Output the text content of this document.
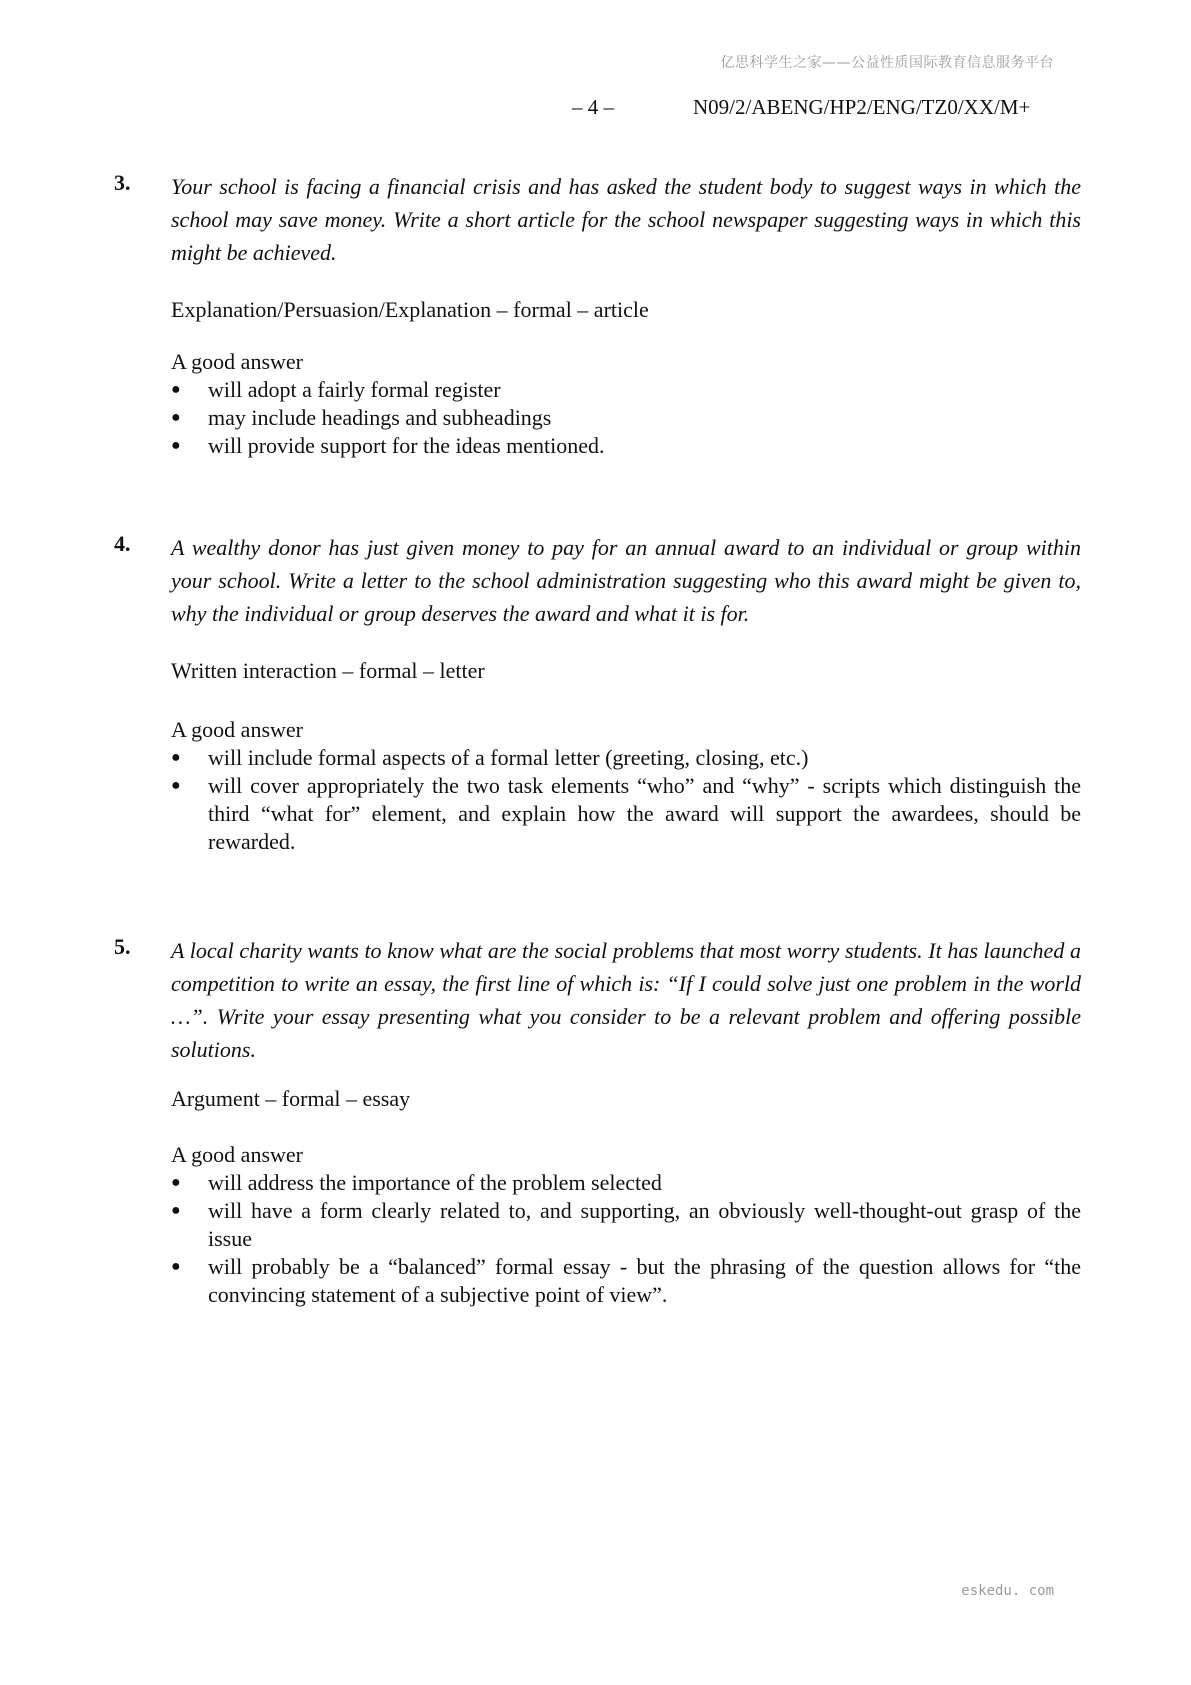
亿思科学生之家——公益性质国际教育信息服务平台
– 4 –	N09/2/ABENG/HP2/ENG/TZ0/XX/M+
3. Your school is facing a financial crisis and has asked the student body to suggest ways in which the school may save money. Write a short article for the school newspaper suggesting ways in which this might be achieved.

Explanation/Persuasion/Explanation – formal – article

A good answer

● will adopt a fairly formal register
● may include headings and subheadings
● will provide support for the ideas mentioned.
4. A wealthy donor has just given money to pay for an annual award to an individual or group within your school. Write a letter to the school administration suggesting who this award might be given to, why the individual or group deserves the award and what it is for.

Written interaction – formal – letter

A good answer

● will include formal aspects of a formal letter (greeting, closing, etc.)
● will cover appropriately the two task elements “who” and “why” - scripts which distinguish the third “what for” element, and explain how the award will support the awardees, should be rewarded.
5. A local charity wants to know what are the social problems that most worry students. It has launched a competition to write an essay, the first line of which is: “If I could solve just one problem in the world …”. Write your essay presenting what you consider to be a relevant problem and offering possible solutions.

Argument – formal – essay

A good answer

● will address the importance of the problem selected
● will have a form clearly related to, and supporting, an obviously well-thought-out grasp of the issue
● will probably be a “balanced” formal essay - but the phrasing of the question allows for “the convincing statement of a subjective point of view”.
eskedu. com
